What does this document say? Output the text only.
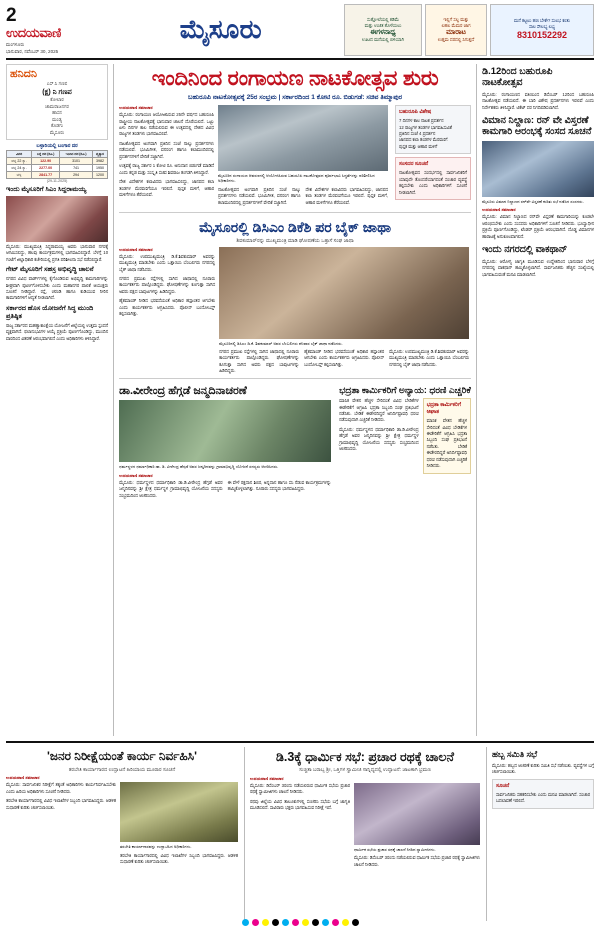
2
ಉದಯವಾಣಿ
ಮಂಗಳೂರು
ಭಾನುವಾರ, ನವೆಂಬರ್ 30, 2025
ಮೈಸೂರು	ಸುತ್ತೋಲೆಯಲ್ಲಿ ಕಡಿಮೆ
ಮತ್ತು ಉಚಿತ ತೊಳೆಯಲು
ಈಗಳನಾಧ್ಯ
ಊಟದ ಮನೆಯಲ್ಲಿ ಬಿಳಿಯಾಗಿ
ಇಲ್ಲಿಗೆ ಸಲ್ಲ ಮತ್ತು
ಲಹಲ ಮೆಮರ ಜಾಗ
ಮಾರಾಟ
ಉತ್ತಮ ದರದಲ್ಲಿ ಸಿಗುತ್ತದೆ
ಮನೆ ಕಟ್ಟಲು ಹಣ ಬೇಕೇ? ಸುಲಭ ಕಂತು
ಸಾಲ ಸೌಲಭ್ಯ ಲಭ್ಯ
8310152292
ಹನಿದನಿ
ಎಸ್‌.ಸಿ ಗಣಪ
(ಕ್ಷ) ನಿ ಗಣಪ
ಕೋಲಾರ
ಚಾಮರಾಜನಗರ
ಹಾಸನ
ಮಂಡ್ಯ
ಕೊಡಗು
ಮೈಸೂರು
ಬಳ್ಳಾರಿಯಲ್ಲಿ ಬಂಗಾರ ದರ
ವಿವರ	ನಿನ್ನೆ ದರ (ರೂ.)	ಇಂದಿನ ದರ (ರೂ.)	ವ್ಯತ್ಯಾಸ
ಚಿನ್ನ 22 ಕ್ಯಾ.	122.90	3101	3982
ಚಿನ್ನ 24 ಕ್ಯಾ.	2277.00	741	1950
ಬೆಳ್ಳಿ	2841.77	294	1200
(29-11-2025)
ಇಂದು ಮೈಸೂರಿಗೆ ಸಿಎಂ ಸಿದ್ದರಾಮಯ್ಯ
ಮೈಸೂರು: ಮುಖ್ಯಮಂತ್ರಿ ಸಿದ್ದರಾಮಯ್ಯ ಅವರು ಭಾನುವಾರ ನಗರಕ್ಕೆ ಆಗಮಿಸಲಿದ್ದು, ಹಲವು ಕಾರ್ಯಕ್ರಮಗಳಲ್ಲಿ ಭಾಗವಹಿಸಲಿದ್ದಾರೆ. ಬೆಳಗ್ಗೆ 10 ಗಂಟೆಗೆ ಜಿಲ್ಲಾಧಿಕಾರಿ ಕಚೇರಿಯಲ್ಲಿ ಪ್ರಗತಿ ಪರಿಶೀಲನಾ ಸಭೆ ನಡೆಸಲಿದ್ದಾರೆ.
ಗೇಟ್ ಮೈಸೂರಿಗೆ ಸಹಸ್ರ ಅಭಿವೃದ್ಧಿ ಚಾಲನೆ
ನಗರದ ವಿವಿಧ ವಾರ್ಡ್‌ಗಳಲ್ಲಿ ಕೈಗೊಂಡಿರುವ ಅಭಿವೃದ್ಧಿ ಕಾಮಗಾರಿಗಳನ್ನು ಶೀಘ್ರವಾಗಿ ಪೂರ್ಣಗೊಳಿಸಬೇಕು ಎಂದು ಮಹಾನಗರ ಪಾಲಿಕೆ ಆಯುಕ್ತರು ಸೂಚನೆ ನೀಡಿದ್ದಾರೆ. ರಸ್ತೆ, ಚರಂಡಿ ಹಾಗೂ ಕುಡಿಯುವ ನೀರಿನ ಕಾಮಗಾರಿಗಳಿಗೆ ಆದ್ಯತೆ ನೀಡಲಾಗಿದೆ.
ಸರ್ಕಾರದ ಹೊಸ ಯೋಜನೆಗೆ ಸಿದ್ಧ ಮುಂದಿ ಪ್ರತಿಷ್ಠಿತ
ರಾಜ್ಯ ಸರ್ಕಾರದ ಮಹತ್ವಾಕಾಂಕ್ಷೆಯ ಯೋಜನೆಗೆ ಜಿಲ್ಲೆಯಲ್ಲಿ ಉತ್ತಮ ಸ್ಪಂದನೆ ವ್ಯಕ್ತವಾಗಿದೆ. ಫಲಾನುಭವಿಗಳ ಆಯ್ಕೆ ಪ್ರಕ್ರಿಯೆ ಪೂರ್ಣಗೊಂಡಿದ್ದು, ಮುಂದಿನ ವಾರದಿಂದ ವಿತರಣೆ ಆರಂಭವಾಗಲಿದೆ ಎಂದು ಅಧಿಕಾರಿಗಳು ತಿಳಿಸಿದ್ದಾರೆ.
ಇಂದಿನಿಂದ ರಂಗಾಯಣ ನಾಟಕೋತ್ಸವ ಶುರು
ಬಹುರೂಪಿ ನಾಟಕೋತ್ಸವಕ್ಕೆ 25ರ ಸಂಭ್ರಮ | ಸರ್ಕಾರದಿಂದ 1 ಕೋಟಿ ರೂ. ಬಿಡುಗಡೆ: ಸಚಿವ ತಿಮ್ಮಾಪುರ
ಉದಯವಾಣಿ ಸಮಾಚಾರ

ಮೈಸೂರು: ರಂಗಾಯಣ ಆಯೋಜಿಸಿರುವ 25ನೇ ವರ್ಷದ ಬಹುರೂಪಿ ರಾಷ್ಟ್ರೀಯ ನಾಟಕೋತ್ಸವಕ್ಕೆ ಭಾನುವಾರ ಚಾಲನೆ ದೊರೆಯಲಿದೆ. ಒಟ್ಟು ಏಳು ದಿನಗಳ ಕಾಲ ನಡೆಯಲಿರುವ ಈ ಉತ್ಸವದಲ್ಲಿ ದೇಶದ ವಿವಿಧ ರಾಜ್ಯಗಳ ತಂಡಗಳು ಭಾಗವಹಿಸಲಿವೆ.

ನಾಟಕೋತ್ಸವದ ಅಂಗವಾಗಿ ಪ್ರತಿದಿನ ಸಂಜೆ ನಾಲ್ಕು ಪ್ರದರ್ಶನಗಳು ನಡೆಯಲಿವೆ. ಭೂಮಿಗೀತ, ವನರಂಗ ಹಾಗೂ ಕಲಾಮಂದಿರದಲ್ಲಿ ಪ್ರದರ್ಶನಗಳಿಗೆ ವೇದಿಕೆ ಸಜ್ಜಾಗಿದೆ.

ಉತ್ಸವಕ್ಕೆ ರಾಜ್ಯ ಸರ್ಕಾರ 1 ಕೋಟಿ ರೂ. ಅನುದಾನ ಬಿಡುಗಡೆ ಮಾಡಿದೆ ಎಂದು ಕನ್ನಡ ಮತ್ತು ಸಂಸ್ಕೃತಿ ಸಚಿವ ಶಿವರಾಜ ತಂಗಡಗಿ ತಿಳಿಸಿದ್ದಾರೆ.

ದೇಶ ವಿದೇಶಗಳ ಕಲಾವಿದರು ಭಾಗವಹಿಸಲಿದ್ದು, ಜಾನಪದ ಕಲಾ ತಂಡಗಳ ಮೆರವಣಿಗೆಯೂ ಇರಲಿದೆ. ಪುಸ್ತಕ ಮಳಿಗೆ, ಆಹಾರ ಮಳಿಗೆಗಳೂ ತೆರೆಯಲಿವೆ.

ಮೈಸೂರಿನ ರಂಗಾಯಣ ಆವರಣದಲ್ಲಿ ಆಯೋಜಿಸಿರುವ ಬಹುರೂಪಿ ನಾಟಕೋತ್ಸವದ ಪೂರ್ವಭಾವಿ ಸಿದ್ಧತೆಗಳನ್ನು ಪರಿಶೀಲಿಸಿದ ಅಧಿಕಾರಿಗಳು.

ನಾಟಕೋತ್ಸವದ ಅಂಗವಾಗಿ ಪ್ರತಿದಿನ ಸಂಜೆ ನಾಲ್ಕು ಪ್ರದರ್ಶನಗಳು ನಡೆಯಲಿವೆ. ಭೂಮಿಗೀತ, ವನರಂಗ ಹಾಗೂ ಕಲಾಮಂದಿರದಲ್ಲಿ ಪ್ರದರ್ಶನಗಳಿಗೆ ವೇದಿಕೆ ಸಜ್ಜಾಗಿದೆ.

ದೇಶ ವಿದೇಶಗಳ ಕಲಾವಿದರು ಭಾಗವಹಿಸಲಿದ್ದು, ಜಾನಪದ ಕಲಾ ತಂಡಗಳ ಮೆರವಣಿಗೆಯೂ ಇರಲಿದೆ. ಪುಸ್ತಕ ಮಳಿಗೆ, ಆಹಾರ ಮಳಿಗೆಗಳೂ ತೆರೆಯಲಿವೆ.

ಬಹುರೂಪಿ ವಿಶೇಷ
7 ದಿನಗಳ ಕಾಲ ನಾಟಕ ಪ್ರದರ್ಶನ
12 ರಾಜ್ಯಗಳ ತಂಡಗಳ ಭಾಗವಹಿಸುವಿಕೆ
ಪ್ರತಿದಿನ ಸಂಜೆ 4 ಪ್ರದರ್ಶನ
ಜಾನಪದ ಕಲಾ ತಂಡಗಳ ಮೆರವಣಿಗೆ
ಪುಸ್ತಕ ಮತ್ತು ಆಹಾರ ಮಳಿಗೆ
ಸಂಸದರ ಸೂಚನೆ
ನಾಟಕೋತ್ಸವದ ಸಂದರ್ಭದಲ್ಲಿ ಸಾರ್ವಜನಿಕರಿಗೆ ಯಾವುದೇ ತೊಂದರೆಯಾಗದಂತೆ ಸಂಚಾರ ವ್ಯವಸ್ಥೆ ಕಲ್ಪಿಸಬೇಕು ಎಂದು ಅಧಿಕಾರಿಗಳಿಗೆ ಸೂಚನೆ ನೀಡಲಾಗಿದೆ.
ಮೈಸೂರಲ್ಲಿ ಡಿಸಿಎಂ ಡಿಕೆಶಿ ಪರ ಬೈಕ್ ಜಾಥಾ
ಶಿವಕುಮಾರ್‌ರನ್ನು ಮುಖ್ಯಮಂತ್ರಿ ಮಾಡಿ ಘೋಷಣೆಯ ಒತ್ತಾಸೆ ಸಂಘ ಜಾಥಾ
ಉದಯವಾಣಿ ಸಮಾಚಾರ

ಮೈಸೂರು: ಉಪಮುಖ್ಯಮಂತ್ರಿ ಡಿ.ಕೆ.ಶಿವಕುಮಾರ್ ಅವರನ್ನು ಮುಖ್ಯಮಂತ್ರಿ ಮಾಡಬೇಕು ಎಂದು ಒತ್ತಾಯಿಸಿ ಬೆಂಬಲಿಗರು ನಗರದಲ್ಲಿ ಬೈಕ್ ಜಾಥಾ ನಡೆಸಿದರು.

ನಗರದ ಪ್ರಮುಖ ರಸ್ತೆಗಳಲ್ಲಿ ಸಾಗಿದ ಜಾಥಾದಲ್ಲಿ ನೂರಾರು ಕಾರ್ಯಕರ್ತರು ಪಾಲ್ಗೊಂಡಿದ್ದರು. ಘೋಷಣೆಗಳನ್ನು ಕೂಗುತ್ತಾ ಸಾಗಿದ ಅವರು ಪಕ್ಷದ ಬಾವುಟಗಳನ್ನು ಹಿಡಿದಿದ್ದರು.

ಹೈಕಮಾಂಡ್ ನೀಡಿದ ಭರವಸೆಯಂತೆ ಅಧಿಕಾರ ಹಸ್ತಾಂತರ ಆಗಬೇಕು ಎಂದು ಕಾರ್ಯಕರ್ತರು ಆಗ್ರಹಿಸಿದರು. ಪೊಲೀಸ್ ಬಂದೋಬಸ್ತ್ ಕಲ್ಪಿಸಲಾಗಿತ್ತು.

ಮೈಸೂರಿನಲ್ಲಿ ಡಿಸಿಎಂ ಡಿ.ಕೆ. ಶಿವಕುಮಾರ್ ಅವರ ಬೆಂಬಲಿಗರು ಶನಿವಾರ ಬೈಕ್ ಜಾಥಾ ನಡೆಸಿದರು.

ನಗರದ ಪ್ರಮುಖ ರಸ್ತೆಗಳಲ್ಲಿ ಸಾಗಿದ ಜಾಥಾದಲ್ಲಿ ನೂರಾರು ಕಾರ್ಯಕರ್ತರು ಪಾಲ್ಗೊಂಡಿದ್ದರು. ಘೋಷಣೆಗಳನ್ನು ಕೂಗುತ್ತಾ ಸಾಗಿದ ಅವರು ಪಕ್ಷದ ಬಾವುಟಗಳನ್ನು ಹಿಡಿದಿದ್ದರು.

ಹೈಕಮಾಂಡ್ ನೀಡಿದ ಭರವಸೆಯಂತೆ ಅಧಿಕಾರ ಹಸ್ತಾಂತರ ಆಗಬೇಕು ಎಂದು ಕಾರ್ಯಕರ್ತರು ಆಗ್ರಹಿಸಿದರು. ಪೊಲೀಸ್ ಬಂದೋಬಸ್ತ್ ಕಲ್ಪಿಸಲಾಗಿತ್ತು.

ಮೈಸೂರು: ಉಪಮುಖ್ಯಮಂತ್ರಿ ಡಿ.ಕೆ.ಶಿವಕುಮಾರ್ ಅವರನ್ನು ಮುಖ್ಯಮಂತ್ರಿ ಮಾಡಬೇಕು ಎಂದು ಒತ್ತಾಯಿಸಿ ಬೆಂಬಲಿಗರು ನಗರದಲ್ಲಿ ಬೈಕ್ ಜಾಥಾ ನಡೆಸಿದರು.

ಡಾ.ವೀರೇಂದ್ರ ಹೆಗ್ಗಡೆ ಜನ್ಮದಿನಾಚರಣೆ
ಧರ್ಮಸ್ಥಳದ ಧರ್ಮಾಧಿಕಾರಿ ಡಾ. ಡಿ. ವೀರೇಂದ್ರ ಹೆಗ್ಗಡೆ ಅವರ ಜನ್ಮದಿನವನ್ನು ಗ್ರಾಮಾಭಿವೃದ್ಧಿ ಯೋಜನೆ ಸದಸ್ಯರು ಆಚರಿಸಿದರು.
ಉದಯವಾಣಿ ಸಮಾಚಾರ

ಮೈಸೂರು: ಧರ್ಮಸ್ಥಳದ ಧರ್ಮಾಧಿಕಾರಿ ಡಾ.ಡಿ.ವೀರೇಂದ್ರ ಹೆಗ್ಗಡೆ ಅವರ ಜನ್ಮದಿನವನ್ನು ಶ್ರೀ ಕ್ಷೇತ್ರ ಧರ್ಮಸ್ಥಳ ಗ್ರಾಮಾಭಿವೃದ್ಧಿ ಯೋಜನೆಯ ಸದಸ್ಯರು ಸಂಭ್ರಮದಿಂದ ಆಚರಿಸಿದರು.

ಈ ವೇಳೆ ರಕ್ತದಾನ ಶಿಬಿರ, ಅನ್ನದಾನ ಹಾಗೂ ಸಸಿ ನೆಡುವ ಕಾರ್ಯಕ್ರಮಗಳನ್ನು ಹಮ್ಮಿಕೊಳ್ಳಲಾಗಿತ್ತು. ನೂರಾರು ಸದಸ್ಯರು ಭಾಗವಹಿಸಿದ್ದರು.

ಭದ್ರತಾ ಕಾರ್ಮಿಕರಿಗೆ ಅನ್ಯಾಯ: ಧರಣಿ ಎಚ್ಚರಿಕೆ

ಮಾಸಿಕ ವೇತನ ಹೆಚ್ಚಳ ಸೇರಿದಂತೆ ವಿವಿಧ ಬೇಡಿಕೆಗಳ ಈಡೇರಿಕೆಗೆ ಆಗ್ರಹಿಸಿ ಭದ್ರತಾ ಸಿಬ್ಬಂದಿ ಸಂಘ ಪ್ರತಿಭಟನೆ ನಡೆಸಿತು. ಬೇಡಿಕೆ ಈಡೇರದಿದ್ದರೆ ಅನಿರ್ದಿಷ್ಟಾವಧಿ ಧರಣಿ ನಡೆಸುವುದಾಗಿ ಎಚ್ಚರಿಕೆ ನೀಡಿದರು.

ಮೈಸೂರು: ಧರ್ಮಸ್ಥಳದ ಧರ್ಮಾಧಿಕಾರಿ ಡಾ.ಡಿ.ವೀರೇಂದ್ರ ಹೆಗ್ಗಡೆ ಅವರ ಜನ್ಮದಿನವನ್ನು ಶ್ರೀ ಕ್ಷೇತ್ರ ಧರ್ಮಸ್ಥಳ ಗ್ರಾಮಾಭಿವೃದ್ಧಿ ಯೋಜನೆಯ ಸದಸ್ಯರು ಸಂಭ್ರಮದಿಂದ ಆಚರಿಸಿದರು.

ಭದ್ರತಾ ಕಾರ್ಮಿಕರಿಗೆ ಆಘಾತ
ಮಾಸಿಕ ವೇತನ ಹೆಚ್ಚಳ ಸೇರಿದಂತೆ ವಿವಿಧ ಬೇಡಿಕೆಗಳ ಈಡೇರಿಕೆಗೆ ಆಗ್ರಹಿಸಿ ಭದ್ರತಾ ಸಿಬ್ಬಂದಿ ಸಂಘ ಪ್ರತಿಭಟನೆ ನಡೆಸಿತು. ಬೇಡಿಕೆ ಈಡೇರದಿದ್ದರೆ ಅನಿರ್ದಿಷ್ಟಾವಧಿ ಧರಣಿ ನಡೆಸುವುದಾಗಿ ಎಚ್ಚರಿಕೆ ನೀಡಿದರು.
ಡಿ.12ರಿಂದ ಬಹುರೂಪಿ ನಾಟಕೋತ್ಸವ
ಮೈಸೂರು: ರಂಗಾಯಣದ ವತಿಯಿಂದ ಡಿಸೆಂಬರ್ 12ರಿಂದ ಬಹುರೂಪಿ ನಾಟಕೋತ್ಸವ ನಡೆಯಲಿದೆ. ಈ ಬಾರಿ ವಿಶೇಷ ಪ್ರದರ್ಶನಗಳು ಇರಲಿವೆ ಎಂದು ನಿರ್ದೇಶಕರು ತಿಳಿಸಿದ್ದಾರೆ. ಟಿಕೆಟ್ ದರ ನಿಗದಿಪಡಿಸಲಾಗಿದೆ.
ವಿಮಾನ ನಿಲ್ದಾಣ: ರನ್‌ ವೇ ವಿಸ್ತರಣೆ ಕಾಮಗಾರಿ ಆರಂಭಕ್ಕೆ ಸಂಸದ ಸೂಚನೆ
ಮೈಸೂರು ವಿಮಾನ ನಿಲ್ದಾಣದ ರನ್‌ವೇ ವಿಸ್ತರಣೆ ಕುರಿತು ಸಭೆ ನಡೆಸಿದ ಸಂಸದರು.
ಉದಯವಾಣಿ ಸಮಾಚಾರ
ಮೈಸೂರು: ವಿಮಾನ ನಿಲ್ದಾಣದ ರನ್‌ವೇ ವಿಸ್ತರಣೆ ಕಾಮಗಾರಿಯನ್ನು ಕೂಡಲೇ ಆರಂಭಿಸಬೇಕು ಎಂದು ಸಂಸದರು ಅಧಿಕಾರಿಗಳಿಗೆ ಸೂಚನೆ ನೀಡಿದರು. ಭೂಸ್ವಾಧೀನ ಪ್ರಕ್ರಿಯೆ ಪೂರ್ಣಗೊಂಡಿದ್ದು, ಟೆಂಡರ್ ಪ್ರಕ್ರಿಯೆ ಆರಂಭವಾಗಿದೆ. ದೊಡ್ಡ ವಿಮಾನಗಳ ಹಾರಾಟಕ್ಕೆ ಅನುಕೂಲವಾಗಲಿದೆ.
ಇಂದು ನಗರದಲ್ಲಿ ವಾಕಥಾನ್
ಮೈಸೂರು: ಆರೋಗ್ಯ ಜಾಗೃತಿ ಮೂಡಿಸುವ ಉದ್ದೇಶದಿಂದ ಭಾನುವಾರ ಬೆಳಗ್ಗೆ ನಗರದಲ್ಲಿ ವಾಕಥಾನ್ ಹಮ್ಮಿಕೊಳ್ಳಲಾಗಿದೆ. ಸಾರ್ವಜನಿಕರು ಹೆಚ್ಚಿನ ಸಂಖ್ಯೆಯಲ್ಲಿ ಭಾಗವಹಿಸುವಂತೆ ಮನವಿ ಮಾಡಲಾಗಿದೆ.
'ಜನರ ನಿರೀಕ್ಷೆಯಂತೆ ಕಾರ್ಯ ನಿರ್ವಹಿಸಿ'
ತರಬೇತಿ ಕಾರ್ಯಾಗಾರದ ಉದ್ಘಾಟನೆ ಹಿರಿಯಾಯ ಮೂರಾರ ಸೂಚನೆ
ಉದಯವಾಣಿ ಸಮಾಚಾರ

ಮೈಸೂರು: ಸಾರ್ವಜನಿಕರ ನಿರೀಕ್ಷೆಗೆ ತಕ್ಕಂತೆ ಅಧಿಕಾರಿಗಳು ಕಾರ್ಯನಿರ್ವಹಿಸಬೇಕು ಎಂದು ಹಿರಿಯ ಅಧಿಕಾರಿಗಳು ಸೂಚನೆ ನೀಡಿದರು.

ತರಬೇತಿ ಕಾರ್ಯಾಗಾರದಲ್ಲಿ ವಿವಿಧ ಇಲಾಖೆಗಳ ಸಿಬ್ಬಂದಿ ಭಾಗವಹಿಸಿದ್ದರು. ಆಡಳಿತ ಸುಧಾರಣೆ ಕುರಿತು ಚರ್ಚಿಸಲಾಯಿತು.

ತರಬೇತಿ ಕಾರ್ಯಾಗಾರವನ್ನು ಉದ್ಘಾಟಿಸಿದ ಅಧಿಕಾರಿಗಳು.
ತರಬೇತಿ ಕಾರ್ಯಾಗಾರದಲ್ಲಿ ವಿವಿಧ ಇಲಾಖೆಗಳ ಸಿಬ್ಬಂದಿ ಭಾಗವಹಿಸಿದ್ದರು. ಆಡಳಿತ ಸುಧಾರಣೆ ಕುರಿತು ಚರ್ಚಿಸಲಾಯಿತು.
ಡಿ.3ಕ್ಕೆ ಧಾರ್ಮಿಕ ಸಭೆ: ಪ್ರಚಾರ ರಥಕ್ಕೆ ಚಾಲನೆ
ಸುಚ್ಚಿತಾ ಬರಾಬ್ಬ ಶ್ರೀ, ಒತ್ತಿಗಳ ಸ್ವಾಮೀಜಿ ಸಾನ್ನಿಧ್ಯದಲ್ಲಿ ಉದ್ಘಾಟನೆ: ಜಾಟಕಾಗಿ ಭ್ರಮಣ
ಉದಯವಾಣಿ ಸಮಾಚಾರ

ಮೈಸೂರು: ಡಿಸೆಂಬರ್ 3ರಂದು ನಡೆಯಲಿರುವ ಧಾರ್ಮಿಕ ಸಭೆಯ ಪ್ರಚಾರ ರಥಕ್ಕೆ ಸ್ವಾಮೀಜಿಗಳು ಚಾಲನೆ ನೀಡಿದರು.

ರಥವು ಜಿಲ್ಲೆಯ ವಿವಿಧ ತಾಲೂಕುಗಳಲ್ಲಿ ಸಂಚರಿಸಿ ಸಭೆಯ ಬಗ್ಗೆ ಜಾಗೃತಿ ಮೂಡಿಸಲಿದೆ. ಸಾವಿರಾರು ಭಕ್ತರು ಭಾಗವಹಿಸುವ ನಿರೀಕ್ಷೆ ಇದೆ.

ಧಾರ್ಮಿಕ ಸಭೆಯ ಪ್ರಚಾರ ರಥಕ್ಕೆ ಚಾಲನೆ ನೀಡಿದ ಸ್ವಾಮೀಜಿಗಳು.
ಮೈಸೂರು: ಡಿಸೆಂಬರ್ 3ರಂದು ನಡೆಯಲಿರುವ ಧಾರ್ಮಿಕ ಸಭೆಯ ಪ್ರಚಾರ ರಥಕ್ಕೆ ಸ್ವಾಮೀಜಿಗಳು ಚಾಲನೆ ನೀಡಿದರು.
ಹಬ್ಬ ಸಮಿತಿ ಸಭೆ
ಮೈಸೂರು: ಹಬ್ಬದ ಆಚರಣೆ ಕುರಿತು ಸಮಿತಿ ಸಭೆ ನಡೆಯಿತು. ವ್ಯವಸ್ಥೆಗಳ ಬಗ್ಗೆ ಚರ್ಚಿಸಲಾಯಿತು.
ಸೂಚನೆ
ಸಾರ್ವಜನಿಕರು ಸಹಕರಿಸಬೇಕು ಎಂದು ಮನವಿ ಮಾಡಲಾಗಿದೆ. ಸಂಚಾರ ಬದಲಾವಣೆ ಇರಲಿದೆ.
